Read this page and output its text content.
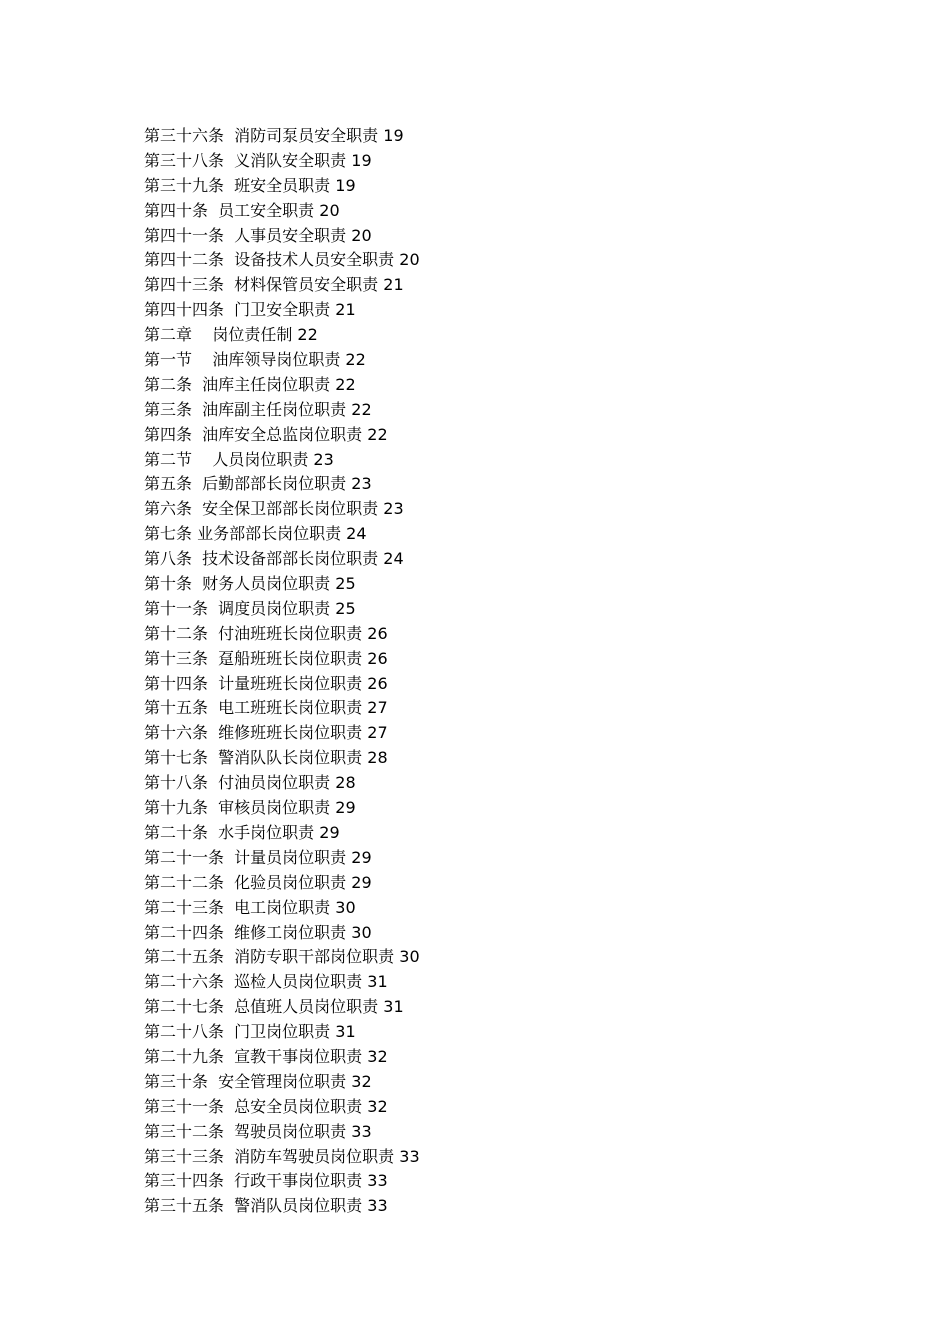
第三十六条  消防司泵员安全职责 19
第三十八条  义消队安全职责 19
第三十九条  班安全员职责 19
第四十条  员工安全职责 20
第四十一条  人事员安全职责 20
第四十二条  设备技术人员安全职责 20
第四十三条  材料保管员安全职责 21
第四十四条  门卫安全职责 21
第二章    岗位责任制 22
第一节    油库领导岗位职责 22
第二条  油库主任岗位职责 22
第三条  油库副主任岗位职责 22
第四条  油库安全总监岗位职责 22
第二节    人员岗位职责 23
第五条  后勤部部长岗位职责 23
第六条  安全保卫部部长岗位职责 23
第七条 业务部部长岗位职责 24
第八条  技术设备部部长岗位职责 24
第十条  财务人员岗位职责 25
第十一条  调度员岗位职责 25
第十二条  付油班班长岗位职责 26
第十三条  趸船班班长岗位职责 26
第十四条  计量班班长岗位职责 26
第十五条  电工班班长岗位职责 27
第十六条  维修班班长岗位职责 27
第十七条  警消队队长岗位职责 28
第十八条  付油员岗位职责 28
第十九条  审核员岗位职责 29
第二十条  水手岗位职责 29
第二十一条  计量员岗位职责 29
第二十二条  化验员岗位职责 29
第二十三条  电工岗位职责 30
第二十四条  维修工岗位职责 30
第二十五条  消防专职干部岗位职责 30
第二十六条  巡检人员岗位职责 31
第二十七条  总值班人员岗位职责 31
第二十八条  门卫岗位职责 31
第二十九条  宣教干事岗位职责 32
第三十条  安全管理岗位职责 32
第三十一条  总安全员岗位职责 32
第三十二条  驾驶员岗位职责 33
第三十三条  消防车驾驶员岗位职责 33
第三十四条  行政干事岗位职责 33
第三十五条  警消队员岗位职责 33
